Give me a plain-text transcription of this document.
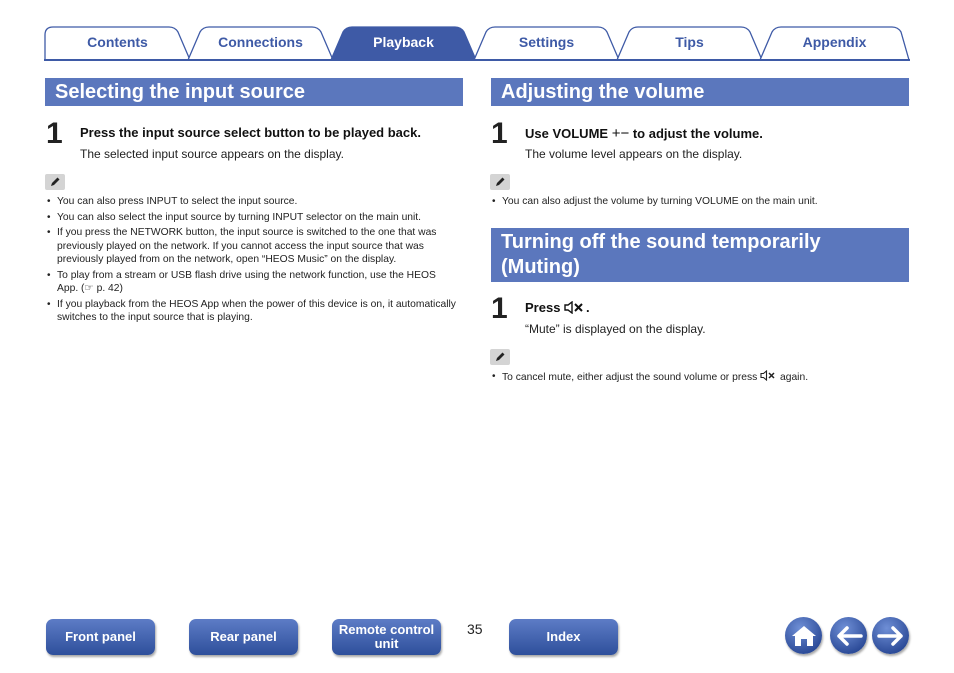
Contents	Connections	Playback	Settings	Tips	Appendix
Selecting the input source
1 Press the input source select button to be played back.
The selected input source appears on the display.
• You can also press INPUT to select the input source.
• You can also select the input source by turning INPUT selector on the main unit.
• If you press the NETWORK button, the input source is switched to the one that was previously played on the network. If you cannot access the input source that was previously played from on the network, open “HEOS Music” on the display.
• To play from a stream or USB flash drive using the network function, use the HEOS App. (☞ p. 42)
• If you playback from the HEOS App when the power of this device is on, it automatically switches to the input source that is playing.
Adjusting the volume
1 Use VOLUME +− to adjust the volume.
The volume level appears on the display.
• You can also adjust the volume by turning VOLUME on the main unit.
Turning off the sound temporarily
(Muting)
1 Press .
“Mute” is displayed on the display.
• To cancel mute, either adjust the sound volume or press  again.
Front panel	Rear panel	Remote control
unit
35	Index
